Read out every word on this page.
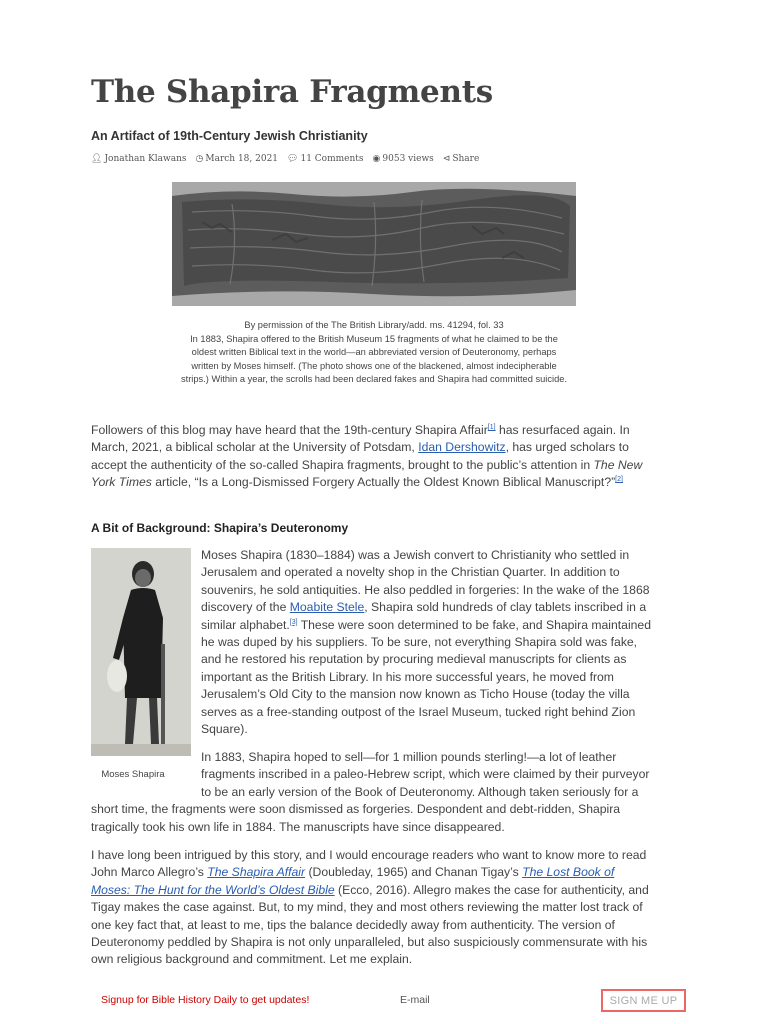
The Shapira Fragments

An Artifact of 19th-Century Jewish Christianity

👤︎ Jonathan Klawans ◷ March 18, 2021 💬︎ 11 Comments ◉ 9053 views ⊲ Share
By permission of the The British Library/add. ms. 41294, fol. 33
In 1883, Shapira offered to the British Museum 15 fragments of what he claimed to be the oldest written Biblical text in the world—an abbreviated version of Deuteronomy, perhaps written by Moses himself. (The photo shows one of the blackened, almost indecipherable strips.) Within a year, the scrolls had been declared fakes and Shapira had committed suicide.

Followers of this blog may have heard that the 19th-century Shapira Affair[1] has resurfaced again. In March, 2021, a biblical scholar at the University of Potsdam, Idan Dershowitz, has urged scholars to accept the authenticity of the so-called Shapira fragments, brought to the public’s attention in The New York Times article, “Is a Long-Dismissed Forgery Actually the Oldest Known Biblical Manuscript?”[2]

A Bit of Background: Shapira’s Deuteronomy

Moses Shapira

Moses Shapira (1830–1884) was a Jewish convert to Christianity who settled in Jerusalem and operated a novelty shop in the Christian Quarter. In addition to souvenirs, he sold antiquities. He also peddled in forgeries: In the wake of the 1868 discovery of the Moabite Stele, Shapira sold hundreds of clay tablets inscribed in a similar alphabet.[3] These were soon determined to be fake, and Shapira maintained he was duped by his suppliers. To be sure, not everything Shapira sold was fake, and he restored his reputation by procuring medieval manuscripts for clients as important as the British Library. In his more successful years, he moved from Jerusalem’s Old City to the mansion now known as Ticho House (today the villa serves as a free-standing outpost of the Israel Museum, tucked right behind Zion Square).

In 1883, Shapira hoped to sell—for 1 million pounds sterling!—a lot of leather fragments inscribed in a paleo-Hebrew script, which were claimed by their purveyor to be an early version of the Book of Deuteronomy. Although taken seriously for a short time, the fragments were soon dismissed as forgeries. Despondent and debt-ridden, Shapira tragically took his own life in 1884. The manuscripts have since disappeared.

I have long been intrigued by this story, and I would encourage readers who want to know more to read John Marco Allegro’s The Shapira Affair (Doubleday, 1965) and Chanan Tigay’s The Lost Book of Moses: The Hunt for the World’s Oldest Bible (Ecco, 2016). Allegro makes the case for authenticity, and Tigay makes the case against. But, to my mind, they and most others reviewing the matter lost track of one key fact that, at least to me, tips the balance decidedly away from authenticity. The version of Deuteronomy peddled by Shapira is not only unparalleled, but also suspiciously commensurate with his own religious background and commitment. Let me explain.

Signup for Bible History Daily to get updates!	E-mail	SIGN ME UP
